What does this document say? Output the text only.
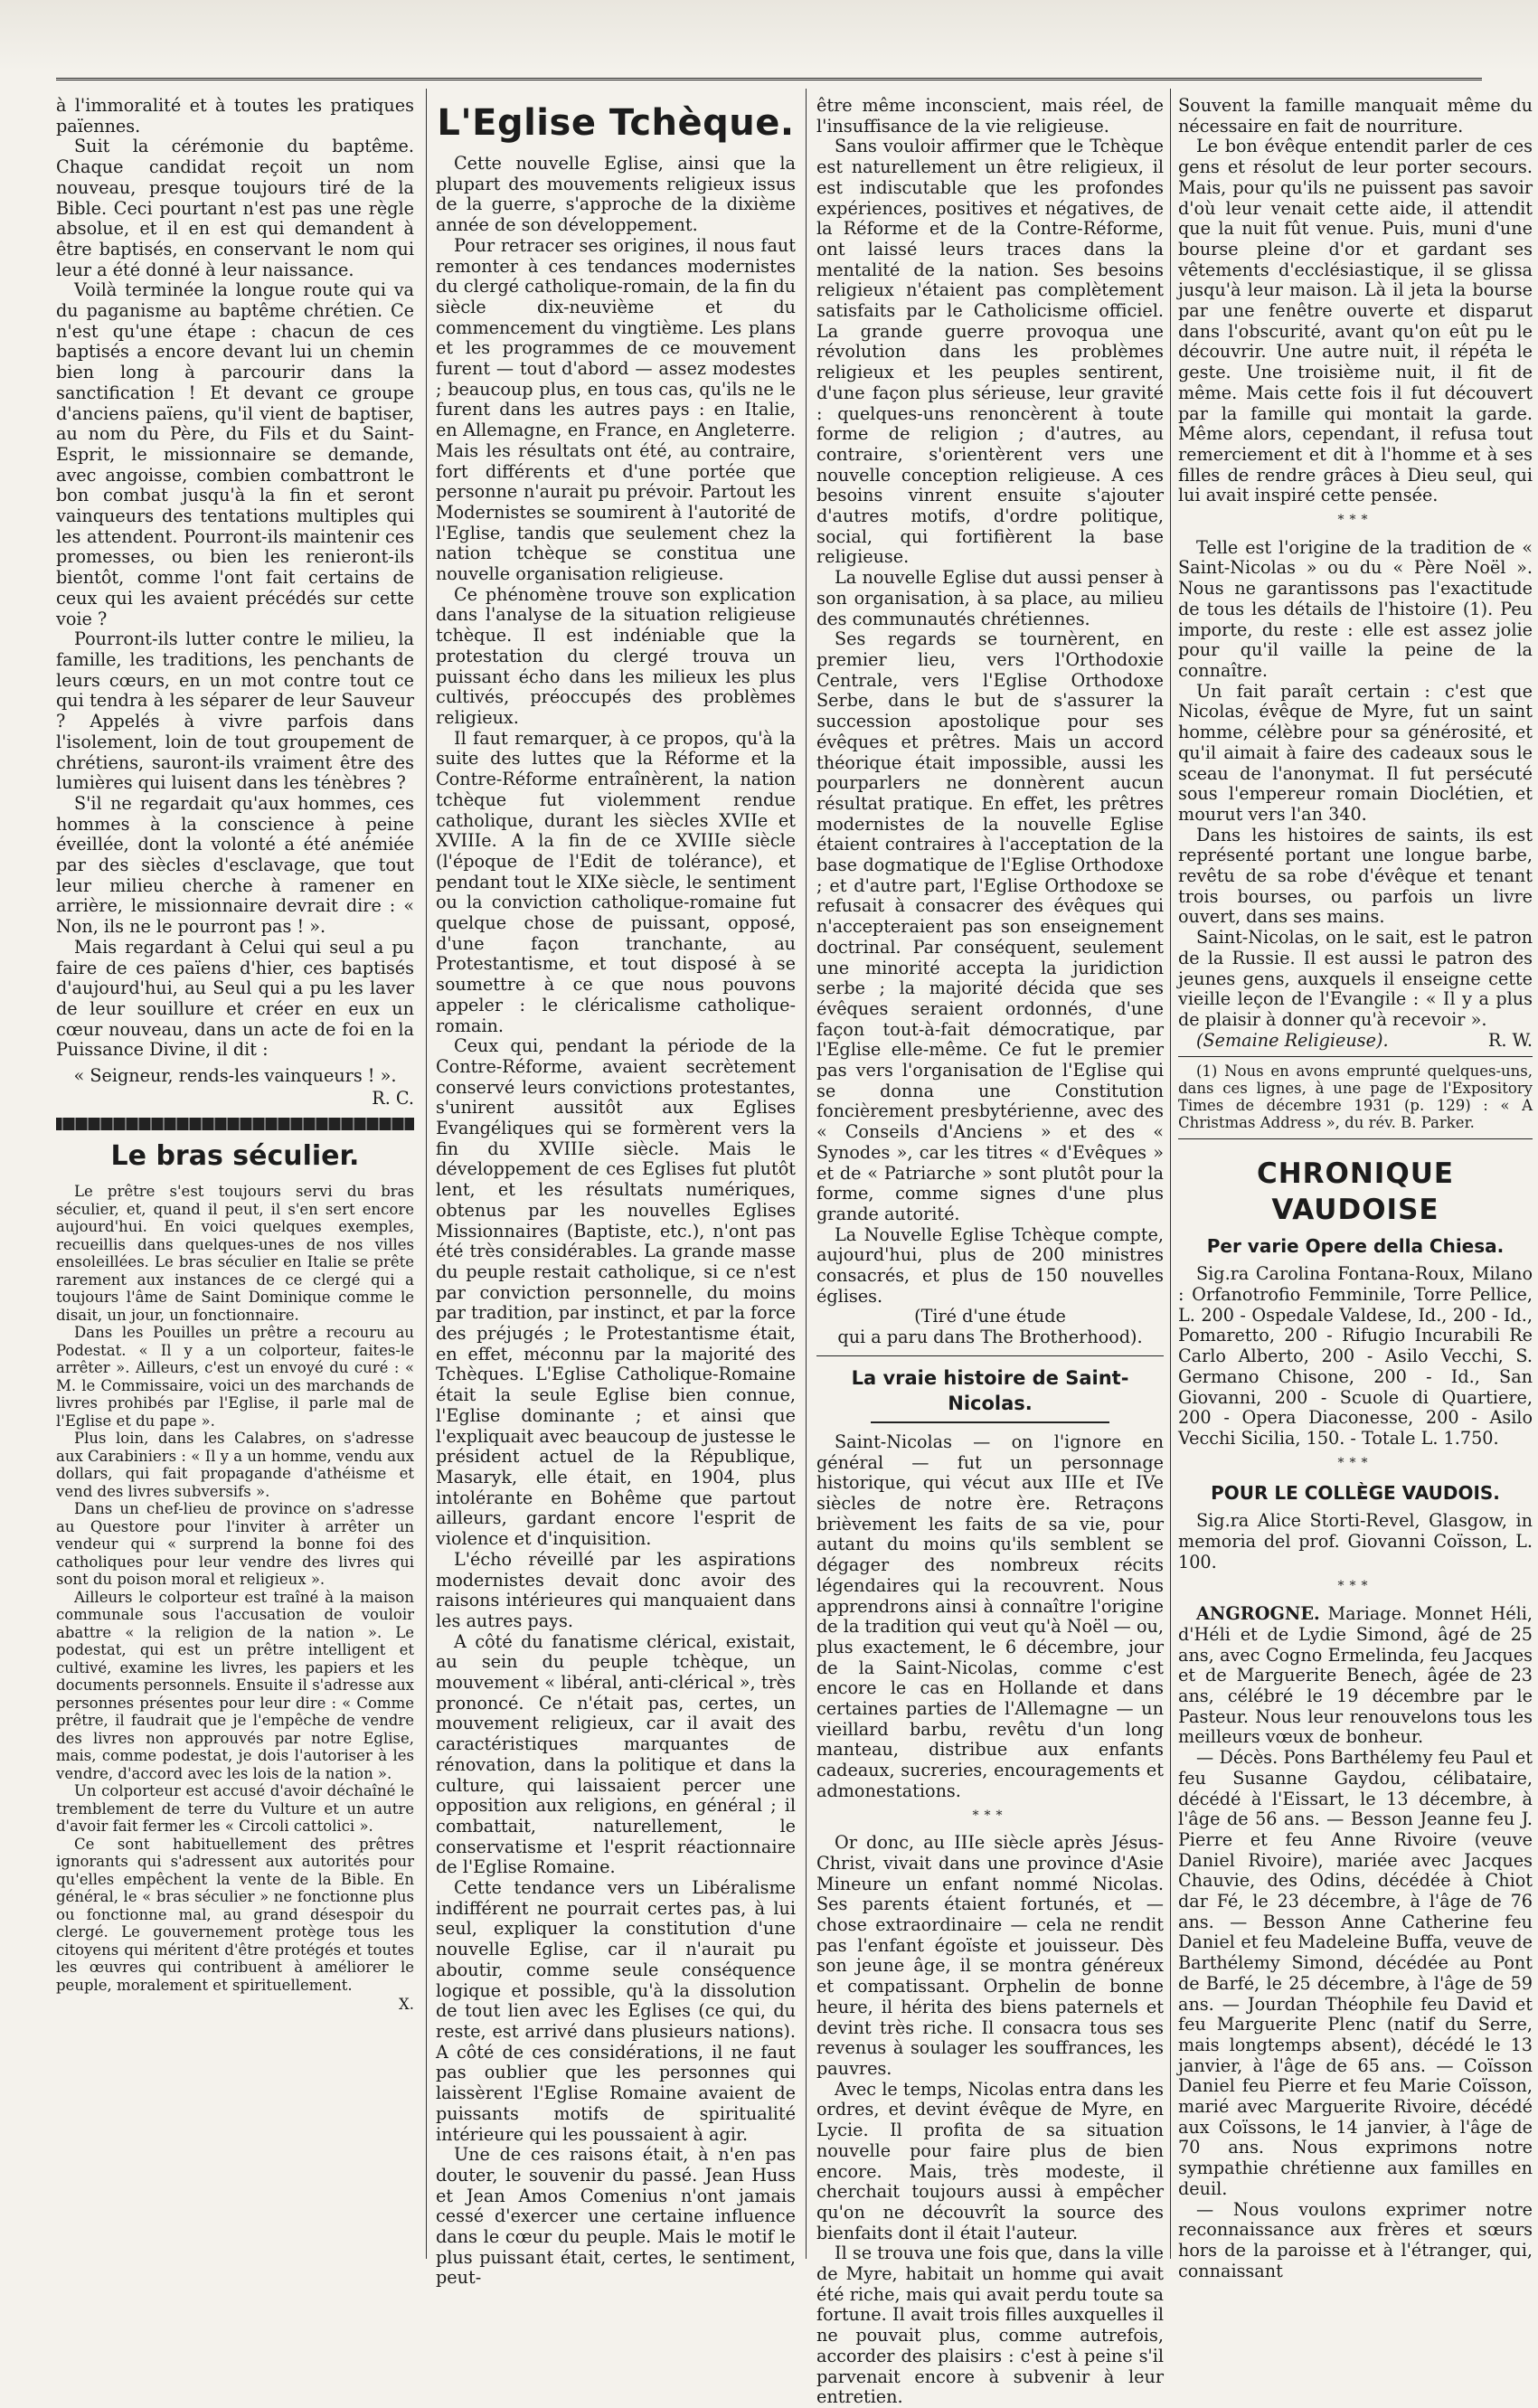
à l'immoralité et à toutes les pratiques païennes.

Suit la cérémonie du baptême. Chaque candidat reçoit un nom nouveau, presque toujours tiré de la Bible. Ceci pourtant n'est pas une règle absolue, et il en est qui demandent à être baptisés, en conservant le nom qui leur a été donné à leur naissance.

Voilà terminée la longue route qui va du paganisme au baptême chrétien. Ce n'est qu'une étape : chacun de ces baptisés a encore devant lui un chemin bien long à parcourir dans la sanctification ! Et devant ce groupe d'anciens païens, qu'il vient de baptiser, au nom du Père, du Fils et du Saint-Esprit, le missionnaire se demande, avec angoisse, combien combattront le bon combat jusqu'à la fin et seront vainqueurs des tentations multiples qui les attendent. Pourront-ils maintenir ces promesses, ou bien les renieront-ils bientôt, comme l'ont fait certains de ceux qui les avaient précédés sur cette voie ?

Pourront-ils lutter contre le milieu, la famille, les traditions, les penchants de leurs cœurs, en un mot contre tout ce qui tendra à les séparer de leur Sauveur ? Appelés à vivre parfois dans l'isolement, loin de tout groupement de chrétiens, sauront-ils vraiment être des lumières qui luisent dans les ténèbres ?

S'il ne regardait qu'aux hommes, ces hommes à la conscience à peine éveillée, dont la volonté a été anémiée par des siècles d'esclavage, que tout leur milieu cherche à ramener en arrière, le missionnaire devrait dire : « Non, ils ne le pourront pas ! ».

Mais regardant à Celui qui seul a pu faire de ces païens d'hier, ces baptisés d'aujourd'hui, au Seul qui a pu les laver de leur souillure et créer en eux un cœur nouveau, dans un acte de foi en la Puissance Divine, il dit :

« Seigneur, rends-les vainqueurs ! ».

R. C.
Le bras séculier.

Le prêtre s'est toujours servi du bras séculier, et, quand il peut, il s'en sert encore aujourd'hui. En voici quelques exemples, recueillis dans quelques-unes de nos villes ensoleillées. Le bras séculier en Italie se prête rarement aux instances de ce clergé qui a toujours l'âme de Saint Dominique comme le disait, un jour, un fonctionnaire.

Dans les Pouilles un prêtre a recouru au Podestat. « Il y a un colporteur, faites-le arrêter ». Ailleurs, c'est un envoyé du curé : « M. le Commissaire, voici un des marchands de livres prohibés par l'Eglise, il parle mal de l'Eglise et du pape ».

Plus loin, dans les Calabres, on s'adresse aux Carabiniers : « Il y a un homme, vendu aux dollars, qui fait propagande d'athéisme et vend des livres subversifs ».

Dans un chef-lieu de province on s'adresse au Questore pour l'inviter à arrêter un vendeur qui « surprend la bonne foi des catholiques pour leur vendre des livres qui sont du poison moral et religieux ».

Ailleurs le colporteur est traîné à la maison communale sous l'accusation de vouloir abattre « la religion de la nation ». Le podestat, qui est un prêtre intelligent et cultivé, examine les livres, les papiers et les documents personnels. Ensuite il s'adresse aux personnes présentes pour leur dire : « Comme prêtre, il faudrait que je l'empêche de vendre des livres non approuvés par notre Eglise, mais, comme podestat, je dois l'autoriser à les vendre, d'accord avec les lois de la nation ».

Un colporteur est accusé d'avoir déchaîné le tremblement de terre du Vulture et un autre d'avoir fait fermer les « Circoli cattolici ».

Ce sont habituellement des prêtres ignorants qui s'adressent aux autorités pour qu'elles empêchent la vente de la Bible. En général, le « bras séculier » ne fonctionne plus ou fonctionne mal, au grand désespoir du clergé. Le gouvernement protège tous les citoyens qui méritent d'être protégés et toutes les œuvres qui contribuent à améliorer le peuple, moralement et spirituellement.

X.
L'Eglise Tchèque.

Cette nouvelle Eglise, ainsi que la plupart des mouvements religieux issus de la guerre, s'approche de la dixième année de son développement.

Pour retracer ses origines, il nous faut remonter à ces tendances modernistes du clergé catholique-romain, de la fin du siècle dix-neuvième et du commencement du vingtième. Les plans et les programmes de ce mouvement furent — tout d'abord — assez modestes ; beaucoup plus, en tous cas, qu'ils ne le furent dans les autres pays : en Italie, en Allemagne, en France, en Angleterre. Mais les résultats ont été, au contraire, fort différents et d'une portée que personne n'aurait pu prévoir. Partout les Modernistes se soumirent à l'autorité de l'Eglise, tandis que seulement chez la nation tchèque se constitua une nouvelle organisation religieuse.

Ce phénomène trouve son explication dans l'analyse de la situation religieuse tchèque. Il est indéniable que la protestation du clergé trouva un puissant écho dans les milieux les plus cultivés, préoccupés des problèmes religieux.

Il faut remarquer, à ce propos, qu'à la suite des luttes que la Réforme et la Contre-Réforme entraînèrent, la nation tchèque fut violemment rendue catholique, durant les siècles XVIIe et XVIIIe. A la fin de ce XVIIIe siècle (l'époque de l'Edit de tolérance), et pendant tout le XIXe siècle, le sentiment ou la conviction catholique-romaine fut quelque chose de puissant, opposé, d'une façon tranchante, au Protestantisme, et tout disposé à se soumettre à ce que nous pouvons appeler : le cléricalisme catholique-romain.

Ceux qui, pendant la période de la Contre-Réforme, avaient secrètement conservé leurs convictions protestantes, s'unirent aussitôt aux Eglises Evangéliques qui se formèrent vers la fin du XVIIIe siècle. Mais le développement de ces Eglises fut plutôt lent, et les résultats numériques, obtenus par les nouvelles Eglises Missionnaires (Baptiste, etc.), n'ont pas été très considérables. La grande masse du peuple restait catholique, si ce n'est par conviction personnelle, du moins par tradition, par instinct, et par la force des préjugés ; le Protestantisme était, en effet, méconnu par la majorité des Tchèques. L'Eglise Catholique-Romaine était la seule Eglise bien connue, l'Eglise dominante ; et ainsi que l'expliquait avec beaucoup de justesse le président actuel de la République, Masaryk, elle était, en 1904, plus intolérante en Bohême que partout ailleurs, gardant encore l'esprit de violence et d'inquisition.

L'écho réveillé par les aspirations modernistes devait donc avoir des raisons intérieures qui manquaient dans les autres pays.

A côté du fanatisme clérical, existait, au sein du peuple tchèque, un mouvement « libéral, anti-clérical », très prononcé. Ce n'était pas, certes, un mouvement religieux, car il avait des caractéristiques marquantes de rénovation, dans la politique et dans la culture, qui laissaient percer une opposition aux religions, en général ; il combattait, naturellement, le conservatisme et l'esprit réactionnaire de l'Eglise Romaine.

Cette tendance vers un Libéralisme indifférent ne pourrait certes pas, à lui seul, expliquer la constitution d'une nouvelle Eglise, car il n'aurait pu aboutir, comme seule conséquence logique et possible, qu'à la dissolution de tout lien avec les Eglises (ce qui, du reste, est arrivé dans plusieurs nations). A côté de ces considérations, il ne faut pas oublier que les personnes qui laissèrent l'Eglise Romaine avaient de puissants motifs de spiritualité intérieure qui les poussaient à agir.

Une de ces raisons était, à n'en pas douter, le souvenir du passé. Jean Huss et Jean Amos Comenius n'ont jamais cessé d'exercer une certaine influence dans le cœur du peuple. Mais le motif le plus puissant était, certes, le sentiment, peut-

être même inconscient, mais réel, de l'insuffisance de la vie religieuse.

Sans vouloir affirmer que le Tchèque est naturellement un être religieux, il est indiscutable que les profondes expériences, positives et négatives, de la Réforme et de la Contre-Réforme, ont laissé leurs traces dans la mentalité de la nation. Ses besoins religieux n'étaient pas complètement satisfaits par le Catholicisme officiel. La grande guerre provoqua une révolution dans les problèmes religieux et les peuples sentirent, d'une façon plus sérieuse, leur gravité : quelques-uns renoncèrent à toute forme de religion ; d'autres, au contraire, s'orientèrent vers une nouvelle conception religieuse. A ces besoins vinrent ensuite s'ajouter d'autres motifs, d'ordre politique, social, qui fortifièrent la base religieuse.

La nouvelle Eglise dut aussi penser à son organisation, à sa place, au milieu des communautés chrétiennes.

Ses regards se tournèrent, en premier lieu, vers l'Orthodoxie Centrale, vers l'Eglise Orthodoxe Serbe, dans le but de s'assurer la succession apostolique pour ses évêques et prêtres. Mais un accord théorique était impossible, aussi les pourparlers ne donnèrent aucun résultat pratique. En effet, les prêtres modernistes de la nouvelle Eglise étaient contraires à l'acceptation de la base dogmatique de l'Eglise Orthodoxe ; et d'autre part, l'Eglise Orthodoxe se refusait à consacrer des évêques qui n'accepteraient pas son enseignement doctrinal. Par conséquent, seulement une minorité accepta la juridiction serbe ; la majorité décida que ses évêques seraient ordonnés, d'une façon tout-à-fait démocratique, par l'Eglise elle-même. Ce fut le premier pas vers l'organisation de l'Eglise qui se donna une Constitution foncièrement presbytérienne, avec des « Conseils d'Anciens » et des « Synodes », car les titres « d'Evêques » et de « Patriarche » sont plutôt pour la forme, comme signes d'une plus grande autorité.

La Nouvelle Eglise Tchèque compte, aujourd'hui, plus de 200 ministres consacrés, et plus de 150 nouvelles églises.

(Tiré d'une étude

qui a paru dans The Brotherhood).

La vraie histoire de Saint-Nicolas.

Saint-Nicolas — on l'ignore en général — fut un personnage historique, qui vécut aux IIIe et IVe siècles de notre ère. Retraçons brièvement les faits de sa vie, pour autant du moins qu'ils semblent se dégager des nombreux récits légendaires qui la recouvrent. Nous apprendrons ainsi à connaître l'origine de la tradition qui veut qu'à Noël — ou, plus exactement, le 6 décembre, jour de la Saint-Nicolas, comme c'est encore le cas en Hollande et dans certaines parties de l'Allemagne — un vieillard barbu, revêtu d'un long manteau, distribue aux enfants cadeaux, sucreries, encouragements et admonestations.

***

Or donc, au IIIe siècle après Jésus-Christ, vivait dans une province d'Asie Mineure un enfant nommé Nicolas. Ses parents étaient fortunés, et — chose extraordinaire — cela ne rendit pas l'enfant égoïste et jouisseur. Dès son jeune âge, il se montra généreux et compatissant. Orphelin de bonne heure, il hérita des biens paternels et devint très riche. Il consacra tous ses revenus à soulager les souffrances, les pauvres.

Avec le temps, Nicolas entra dans les ordres, et devint évêque de Myre, en Lycie. Il profita de sa situation nouvelle pour faire plus de bien encore. Mais, très modeste, il cherchait toujours aussi à empêcher qu'on ne découvrît la source des bienfaits dont il était l'auteur.

Il se trouva une fois que, dans la ville de Myre, habitait un homme qui avait été riche, mais qui avait perdu toute sa fortune. Il avait trois filles auxquelles il ne pouvait plus, comme autrefois, accorder des plaisirs : c'est à peine s'il parvenait encore à subvenir à leur entretien.

Souvent la famille manquait même du nécessaire en fait de nourriture.

Le bon évêque entendit parler de ces gens et résolut de leur porter secours. Mais, pour qu'ils ne puissent pas savoir d'où leur venait cette aide, il attendit que la nuit fût venue. Puis, muni d'une bourse pleine d'or et gardant ses vêtements d'ecclésiastique, il se glissa jusqu'à leur maison. Là il jeta la bourse par une fenêtre ouverte et disparut dans l'obscurité, avant qu'on eût pu le découvrir. Une autre nuit, il répéta le geste. Une troisième nuit, il fit de même. Mais cette fois il fut découvert par la famille qui montait la garde. Même alors, cependant, il refusa tout remerciement et dit à l'homme et à ses filles de rendre grâces à Dieu seul, qui lui avait inspiré cette pensée.

***

Telle est l'origine de la tradition de « Saint-Nicolas » ou du « Père Noël ». Nous ne garantissons pas l'exactitude de tous les détails de l'histoire (1). Peu importe, du reste : elle est assez jolie pour qu'il vaille la peine de la connaître.

Un fait paraît certain : c'est que Nicolas, évêque de Myre, fut un saint homme, célèbre pour sa générosité, et qu'il aimait à faire des cadeaux sous le sceau de l'anonymat. Il fut persécuté sous l'empereur romain Dioclétien, et mourut vers l'an 340.

Dans les histoires de saints, ils est représenté portant une longue barbe, revêtu de sa robe d'évêque et tenant trois bourses, ou parfois un livre ouvert, dans ses mains.

Saint-Nicolas, on le sait, est le patron de la Russie. Il est aussi le patron des jeunes gens, auxquels il enseigne cette vieille leçon de l'Evangile : « Il y a plus de plaisir à donner qu'à recevoir ».

(Semaine Religieuse).	R. W.

(1) Nous en avons emprunté quelques-uns, dans ces lignes, à une page de l'Expository Times de décembre 1931 (p. 129) : « A Christmas Address », du rév. B. Parker.

CHRONIQUE VAUDOISE
Per varie Opere della Chiesa.

Sig.ra Carolina Fontana-Roux, Milano : Orfanotrofio Femminile, Torre Pellice, L. 200 - Ospedale Valdese, Id., 200 - Id., Pomaretto, 200 - Rifugio Incurabili Re Carlo Alberto, 200 - Asilo Vecchi, S. Germano Chisone, 200 - Id., San Giovanni, 200 - Scuole di Quartiere, 200 - Opera Diaconesse, 200 - Asilo Vecchi Sicilia, 150. - Totale L. 1.750.

***
POUR LE COLLÈGE VAUDOIS.

Sig.ra Alice Storti-Revel, Glasgow, in memoria del prof. Giovanni Coïsson, L. 100.

***

ANGROGNE. Mariage. Monnet Héli, d'Héli et de Lydie Simond, âgé de 25 ans, avec Cogno Ermelinda, feu Jacques et de Marguerite Benech, âgée de 23 ans, célébré le 19 décembre par le Pasteur. Nous leur renouvelons tous les meilleurs vœux de bonheur.

— Décès. Pons Barthélemy feu Paul et feu Susanne Gaydou, célibataire, décédé à l'Eissart, le 13 décembre, à l'âge de 56 ans. — Besson Jeanne feu J. Pierre et feu Anne Rivoire (veuve Daniel Rivoire), mariée avec Jacques Chauvie, des Odins, décédée à Chiot dar Fé, le 23 décembre, à l'âge de 76 ans. — Besson Anne Catherine feu Daniel et feu Madeleine Buffa, veuve de Barthélemy Simond, décédée au Pont de Barfé, le 25 décembre, à l'âge de 59 ans. — Jourdan Théophile feu David et feu Marguerite Plenc (natif du Serre, mais longtemps absent), décédé le 13 janvier, à l'âge de 65 ans. — Coïsson Daniel feu Pierre et feu Marie Coïsson, marié avec Marguerite Rivoire, décédé aux Coïssons, le 14 janvier, à l'âge de 70 ans. Nous exprimons notre sympathie chrétienne aux familles en deuil.

— Nous voulons exprimer notre reconnaissance aux frères et sœurs hors de la paroisse et à l'étranger, qui, connaissant
